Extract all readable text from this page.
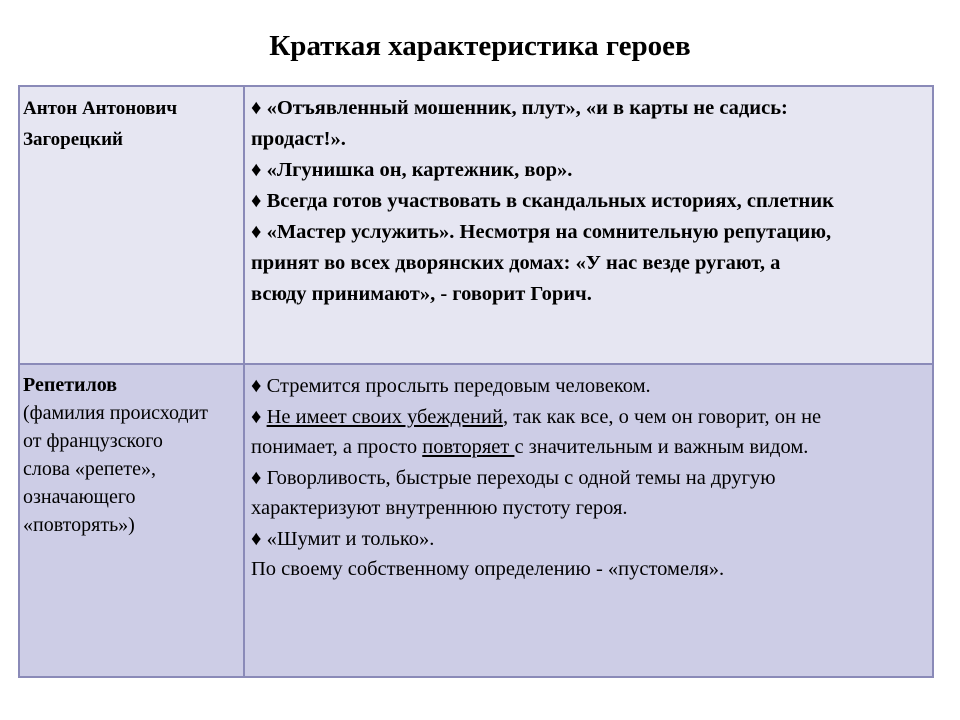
Краткая характеристика героев
Антон Антонович
Загорецкий
♦ «Отъявленный мошенник, плут», «и в карты не садись:
продаст!».
♦ «Лгунишка он, картежник, вор».
♦ Всегда готов участвовать в скандальных историях, сплетник
♦ «Мастер услужить». Несмотря на сомнительную репутацию,
принят во всех дворянских домах: «У нас везде ругают, а
всюду принимают», - говорит Горич.
Репетилов
(фамилия происходит
от французского
слова «репете»,
означающего
«повторять»)
♦ Стремится прослыть передовым человеком.
♦ Не имеет своих убеждений, так как все, о чем он говорит, он не
понимает, а просто повторяет с значительным и важным видом.
♦ Говорливость, быстрые переходы с одной темы на другую
характеризуют внутреннюю пустоту героя.
♦ «Шумит и только».
По своему собственному определению - «пустомеля».
